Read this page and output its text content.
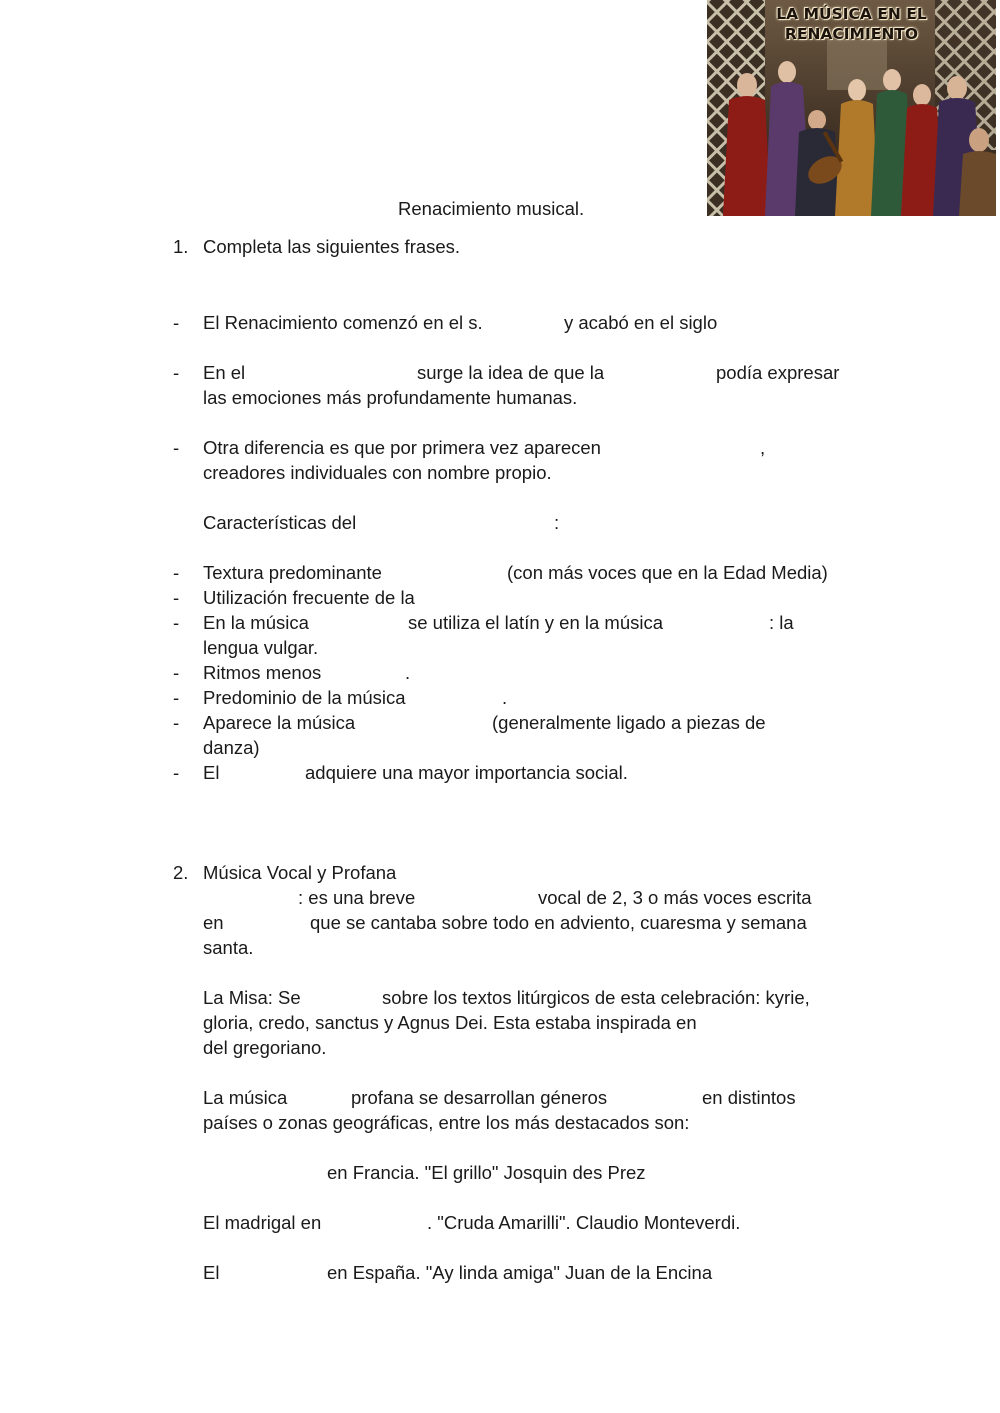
LA MÚSICA EN EL
RENACIMIENTO
Renacimiento musical.
1. Completa las siguientes frases.
- El Renacimiento comenzó en el s.	y acabó en el siglo
- En el	surge la idea de que la	podía expresar
las emociones más profundamente humanas.
- Otra diferencia es que por primera vez aparecen	,
creadores individuales con nombre propio.
Características del	:
- Textura predominante	(con más voces que en la Edad Media)
- Utilización frecuente de la
- En la música	se utiliza el latín y en la música	: la
lengua vulgar.
- Ritmos menos	.
- Predominio de la música	.
- Aparece la música	(generalmente ligado a piezas de
danza)
- El	adquiere una mayor importancia social.
2. Música Vocal y Profana
: es una breve	vocal de 2, 3 o más voces escrita
en	que se cantaba sobre todo en adviento, cuaresma y semana
santa.
La Misa: Se	sobre los textos litúrgicos de esta celebración: kyrie,
gloria, credo, sanctus y Agnus Dei. Esta estaba inspirada en
del gregoriano.
La música	profana se desarrollan géneros	en distintos
países o zonas geográficas, entre los más destacados son:
en Francia. "El grillo" Josquin des Prez
El madrigal en	. "Cruda Amarilli". Claudio Monteverdi.
El	en España. "Ay linda amiga" Juan de la Encina
